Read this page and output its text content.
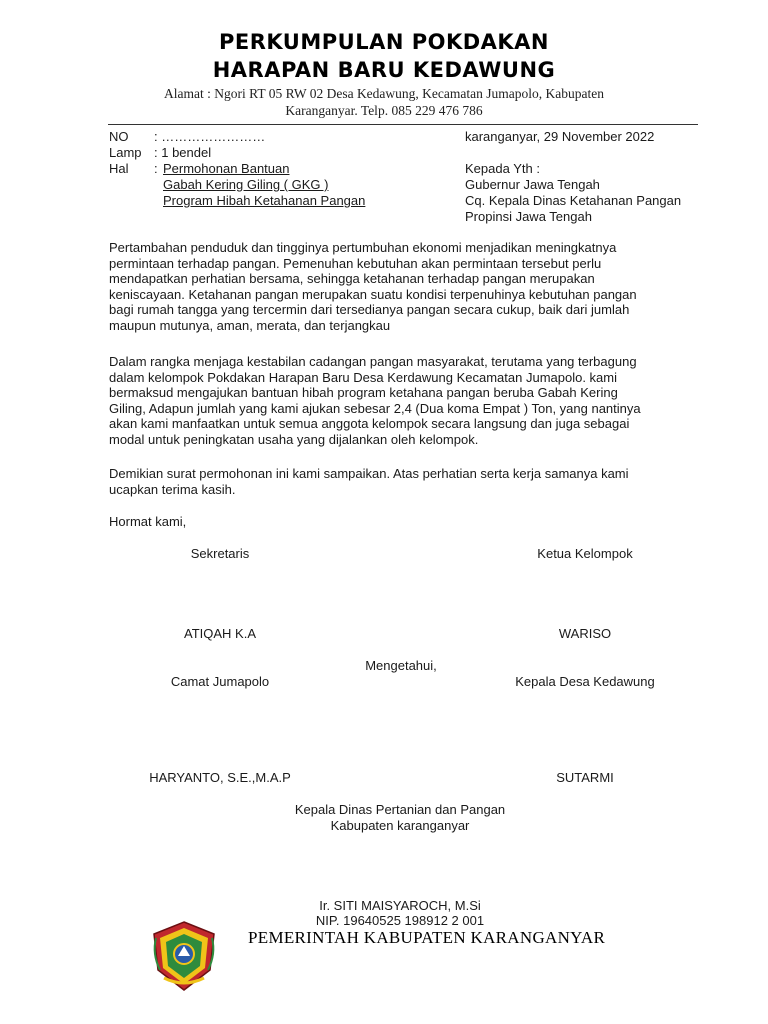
PERKUMPULAN POKDAKAN
HARAPAN BARU KEDAWUNG
Alamat : Ngori RT 05 RW 02 Desa Kedawung, Kecamatan Jumapolo, Kabupaten
Karanganyar. Telp. 085 229 476 786
NO : ……………………
Lamp : 1 bendel
Hal : Permohonan Bantuan
Gabah Kering Giling ( GKG )
Program Hibah Ketahanan Pangan
karanganyar, 29 November 2022
Kepada Yth :
Gubernur Jawa Tengah
Cq. Kepala Dinas Ketahanan Pangan
Propinsi Jawa Tengah
Pertambahan penduduk dan tingginya pertumbuhan ekonomi menjadikan meningkatnya
permintaan terhadap pangan. Pemenuhan kebutuhan akan permintaan tersebut perlu
mendapatkan perhatian bersama, sehingga ketahanan terhadap pangan merupakan
keniscayaan. Ketahanan pangan merupakan suatu kondisi terpenuhinya kebutuhan pangan
bagi rumah tangga yang tercermin dari tersedianya pangan secara cukup, baik dari jumlah
maupun mutunya, aman, merata, dan terjangkau
Dalam rangka menjaga kestabilan cadangan pangan masyarakat, terutama yang terbagung
dalam kelompok Pokdakan Harapan Baru Desa Kerdawung Kecamatan Jumapolo. kami
bermaksud mengajukan bantuan hibah program ketahana pangan beruba Gabah Kering
Giling, Adapun jumlah yang kami ajukan sebesar 2,4 (Dua koma Empat ) Ton, yang nantinya
akan kami manfaatkan untuk semua anggota kelompok secara langsung dan juga sebagai
modal untuk peningkatan usaha yang dijalankan oleh kelompok.
Demikian surat permohonan ini kami sampaikan. Atas perhatian serta kerja samanya kami
ucapkan terima kasih.
Hormat kami,
Sekretaris	Ketua Kelompok
ATIQAH K.A	WARISO
Mengetahui,
Camat Jumapolo	Kepala Desa Kedawung
HARYANTO, S.E.,M.A.P	SUTARMI
Kepala Dinas Pertanian dan Pangan
Kabupaten karanganyar
Ir. SITI MAISYAROCH, M.Si
NIP. 19640525 198912 2 001
PEMERINTAH KABUPATEN KARANGANYAR
